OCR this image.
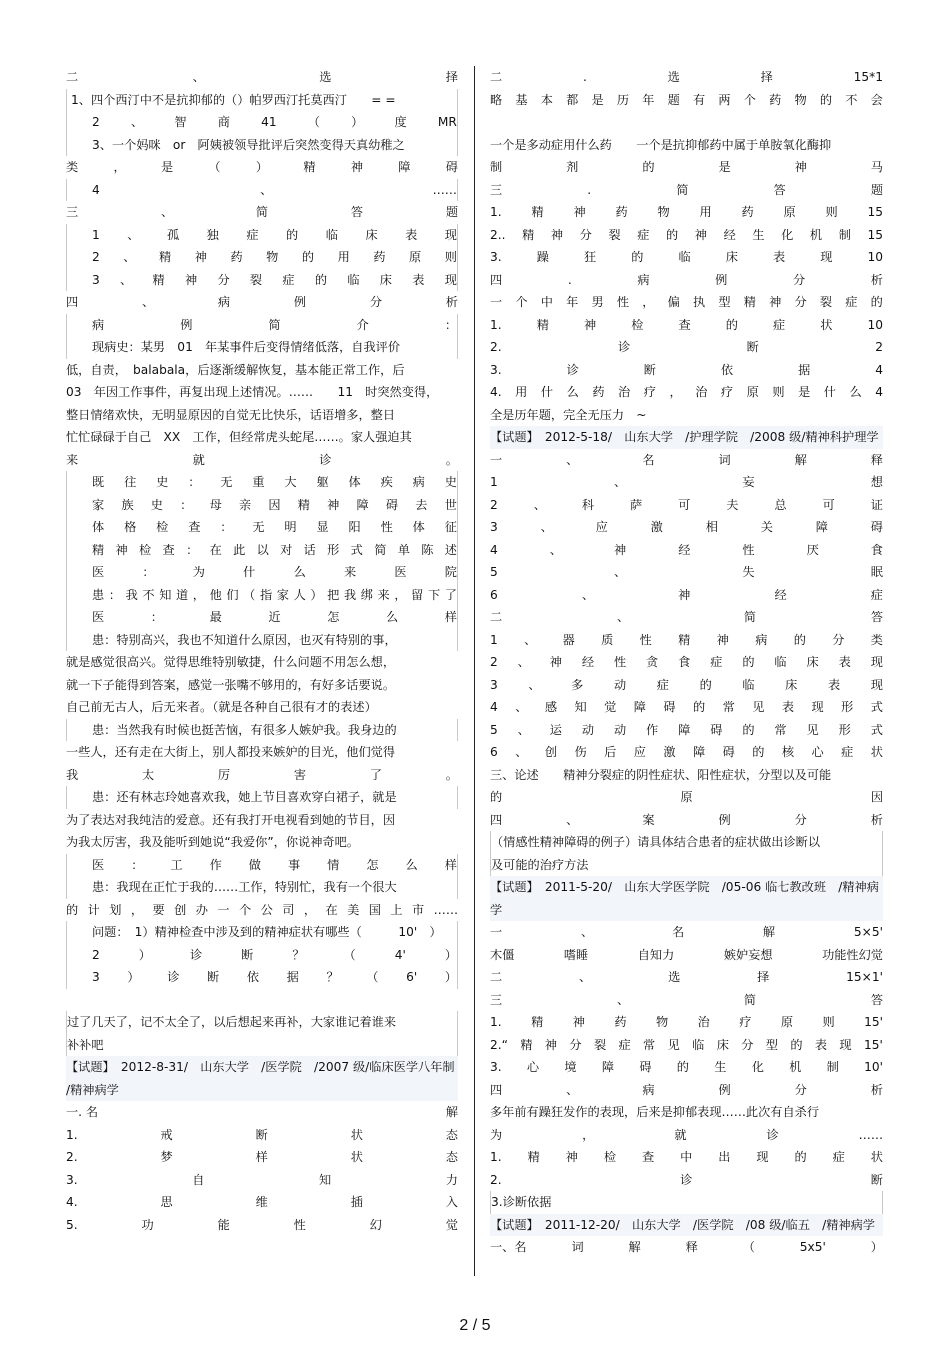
二	、	选	择
1、四个西汀中不是抗抑郁的（）帕罗西汀托莫西汀　　= =
2	、	智	商	41	（	）	度	MR
3、一个妈咪　or　阿姨被领导批评后突然变得天真幼稚之
类	，	是	（	）	精	神	障	碍
4	、	……
三	、	简	答	题
1 、 孤 独 症 的 临 床 表 现
2 、 精 神 药 物 的 用 药 原 则
3 、 精 神 分 裂 症 的 临 床 表 现
四	、	病	例	分	析
病	例	简	介	：
现病史：某男　01　年某事件后变得情绪低落，自我评价
低，自责，　balabala，后逐渐缓解恢复，基本能正常工作，后
03　年因工作事件，再复出现上述情况。……　　11　时突然变得，
整日情绪欢快，无明显原因的自觉无比快乐，话语增多，整日
忙忙碌碌于自己　XX　工作，但经常虎头蛇尾……。家人强迫其
来	就	诊	。
既 往 史 ： 无 重 大 躯 体 疾 病 史
家 族 史 ： 母 亲 因 精 神 障 碍 去 世
体 格 检 查 ： 无 明 显 阳 性 体 征
精 神 检 查 ： 在 此 以 对 话 形 式 简 单 陈 述
医	：	为	什	么	来	医	院
患 ： 我 不 知 道 ， 他 们 （ 指 家 人 ） 把 我 绑 来 ， 留 下 了
医	：	最	近	怎	么	样
患：特别高兴，我也不知道什么原因，也灭有特别的事，
就是感觉很高兴。觉得思维特别敏捷，什么问题不用怎么想，
就一下子能得到答案，感觉一张嘴不够用的，有好多话要说。
自己前无古人，后无来者。（就是各种自己很有才的表述）
患：当然我有时候也挺苦恼，有很多人嫉妒我。我身边的
一些人，还有走在大街上，别人都投来嫉妒的目光，他们觉得
我	太	厉	害	了	。
患：还有林志玲她喜欢我，她上节目喜欢穿白裙子，就是
为了表达对我纯洁的爱意。还有我打开电视看到她的节目，因
为我太厉害，我及能听到她说“我爱你”，你说神奇吧。
医 ： 工 作 做 事 情 怎 么 样
患：我现在正忙于我的……工作，特别忙，我有一个很大
的 计 划 ， 要 创 办 一 个 公 司 ， 在 美 国 上 市 ……
问题：　1）精神检查中涉及到的精神症状有哪些（　　　10'　）
2	）	诊	断	？	（	4'	）
3 ） 诊 断 依 据 ？ （ 6' ）
过了几天了，记不太全了，以后想起来再补，大家谁记着谁来
补补吧
【试题】　2012-8-31/　山东大学　/医学院　/2007 级/临床医学八年制
/精神病学
一. 名	解
1.	戒	断	状	态
2.	梦	样	状	态
3.	自	知	力
4.	思	维	插	入
5.	功	能	性	幻	觉
二	.	选	择	15*1
略 基 本 都 是 历 年 题 有 两 个 药 物 的 不 会
一个是多动症用什么药　　一个是抗抑郁药中属于单胺氧化酶抑
制	剂	的	是	神	马
三	.	简	答	题
1. 精 神 药 物 用 药 原 则 15
2.. 精 神 分 裂 症 的 神 经 生 化 机 制 15
3.	躁	狂	的	临	床	表	现	10
四	.	病	例	分	析
一 个 中 年 男 性 ， 偏 执 型 精 神 分 裂 症 的
1.	精	神	检	查	的	症	状	10
2.	诊	断	2
3.	诊	断	依	据	4
4. 用 什 么 药 治 疗 ， 治 疗 原 则 是 什 么 4
全是历年题，完全无压力　~
【试题】　2012-5-18/　山东大学　/护理学院　/2008 级/精神科护理学
一	、	名	词	解	释
1	、	妄	想
2	、	科	萨	可	夫	总	可	证
3	、	应	激	相	关	障	碍
4	、	神	经	性	厌	食
5	、	失	眠
6	、	神	经	症
二	、	简	答
1 、 器 质 性 精 神 病 的 分 类
2 、 神 经 性 贪 食 症 的 临 床 表 现
3	、	多	动	症	的	临	床	表	现
4 、 感 知 觉 障 碍 的 常 见 表 现 形 式
5 、 运 动 动 作 障 碍 的 常 见 形 式
6 、 创 伤 后 应 激 障 碍 的 核 心 症 状
三、论述　　精神分裂症的阴性症状、阳性症状，分型以及可能
的	原	因
四	、	案	例	分	析
（情感性精神障碍的例子）请具体结合患者的症状做出诊断以
及可能的治疗方法
【试题】　2011-5-20/　山东大学医学院　/05-06 临七教改班　/精神病
学
一	、	名	解	5×5'
木僵	嗜睡	自知力	嫉妒妄想	功能性幻觉
二	、	选	择	15×1'
三	、	简	答
1. 精 神 药 物 治 疗 原 则 15'
2.“ 精 神 分 裂 症 常 见 临 床 分 型 的 表 现 15'
3. 心 境 障 碍 的 生 化 机 制 10'
四	、	病	例	分	析
多年前有躁狂发作的表现，后来是抑郁表现……此次有自杀行
为	，	就	诊	……
1. 精 神 检 查 中 出 现 的 症 状
2.	诊	断
3.诊断依据
【试题】　2011-12-20/　山东大学　/医学院　/08 级/临五　/精神病学
一、名	词	解	释	（	5x5'	）
2 / 5
